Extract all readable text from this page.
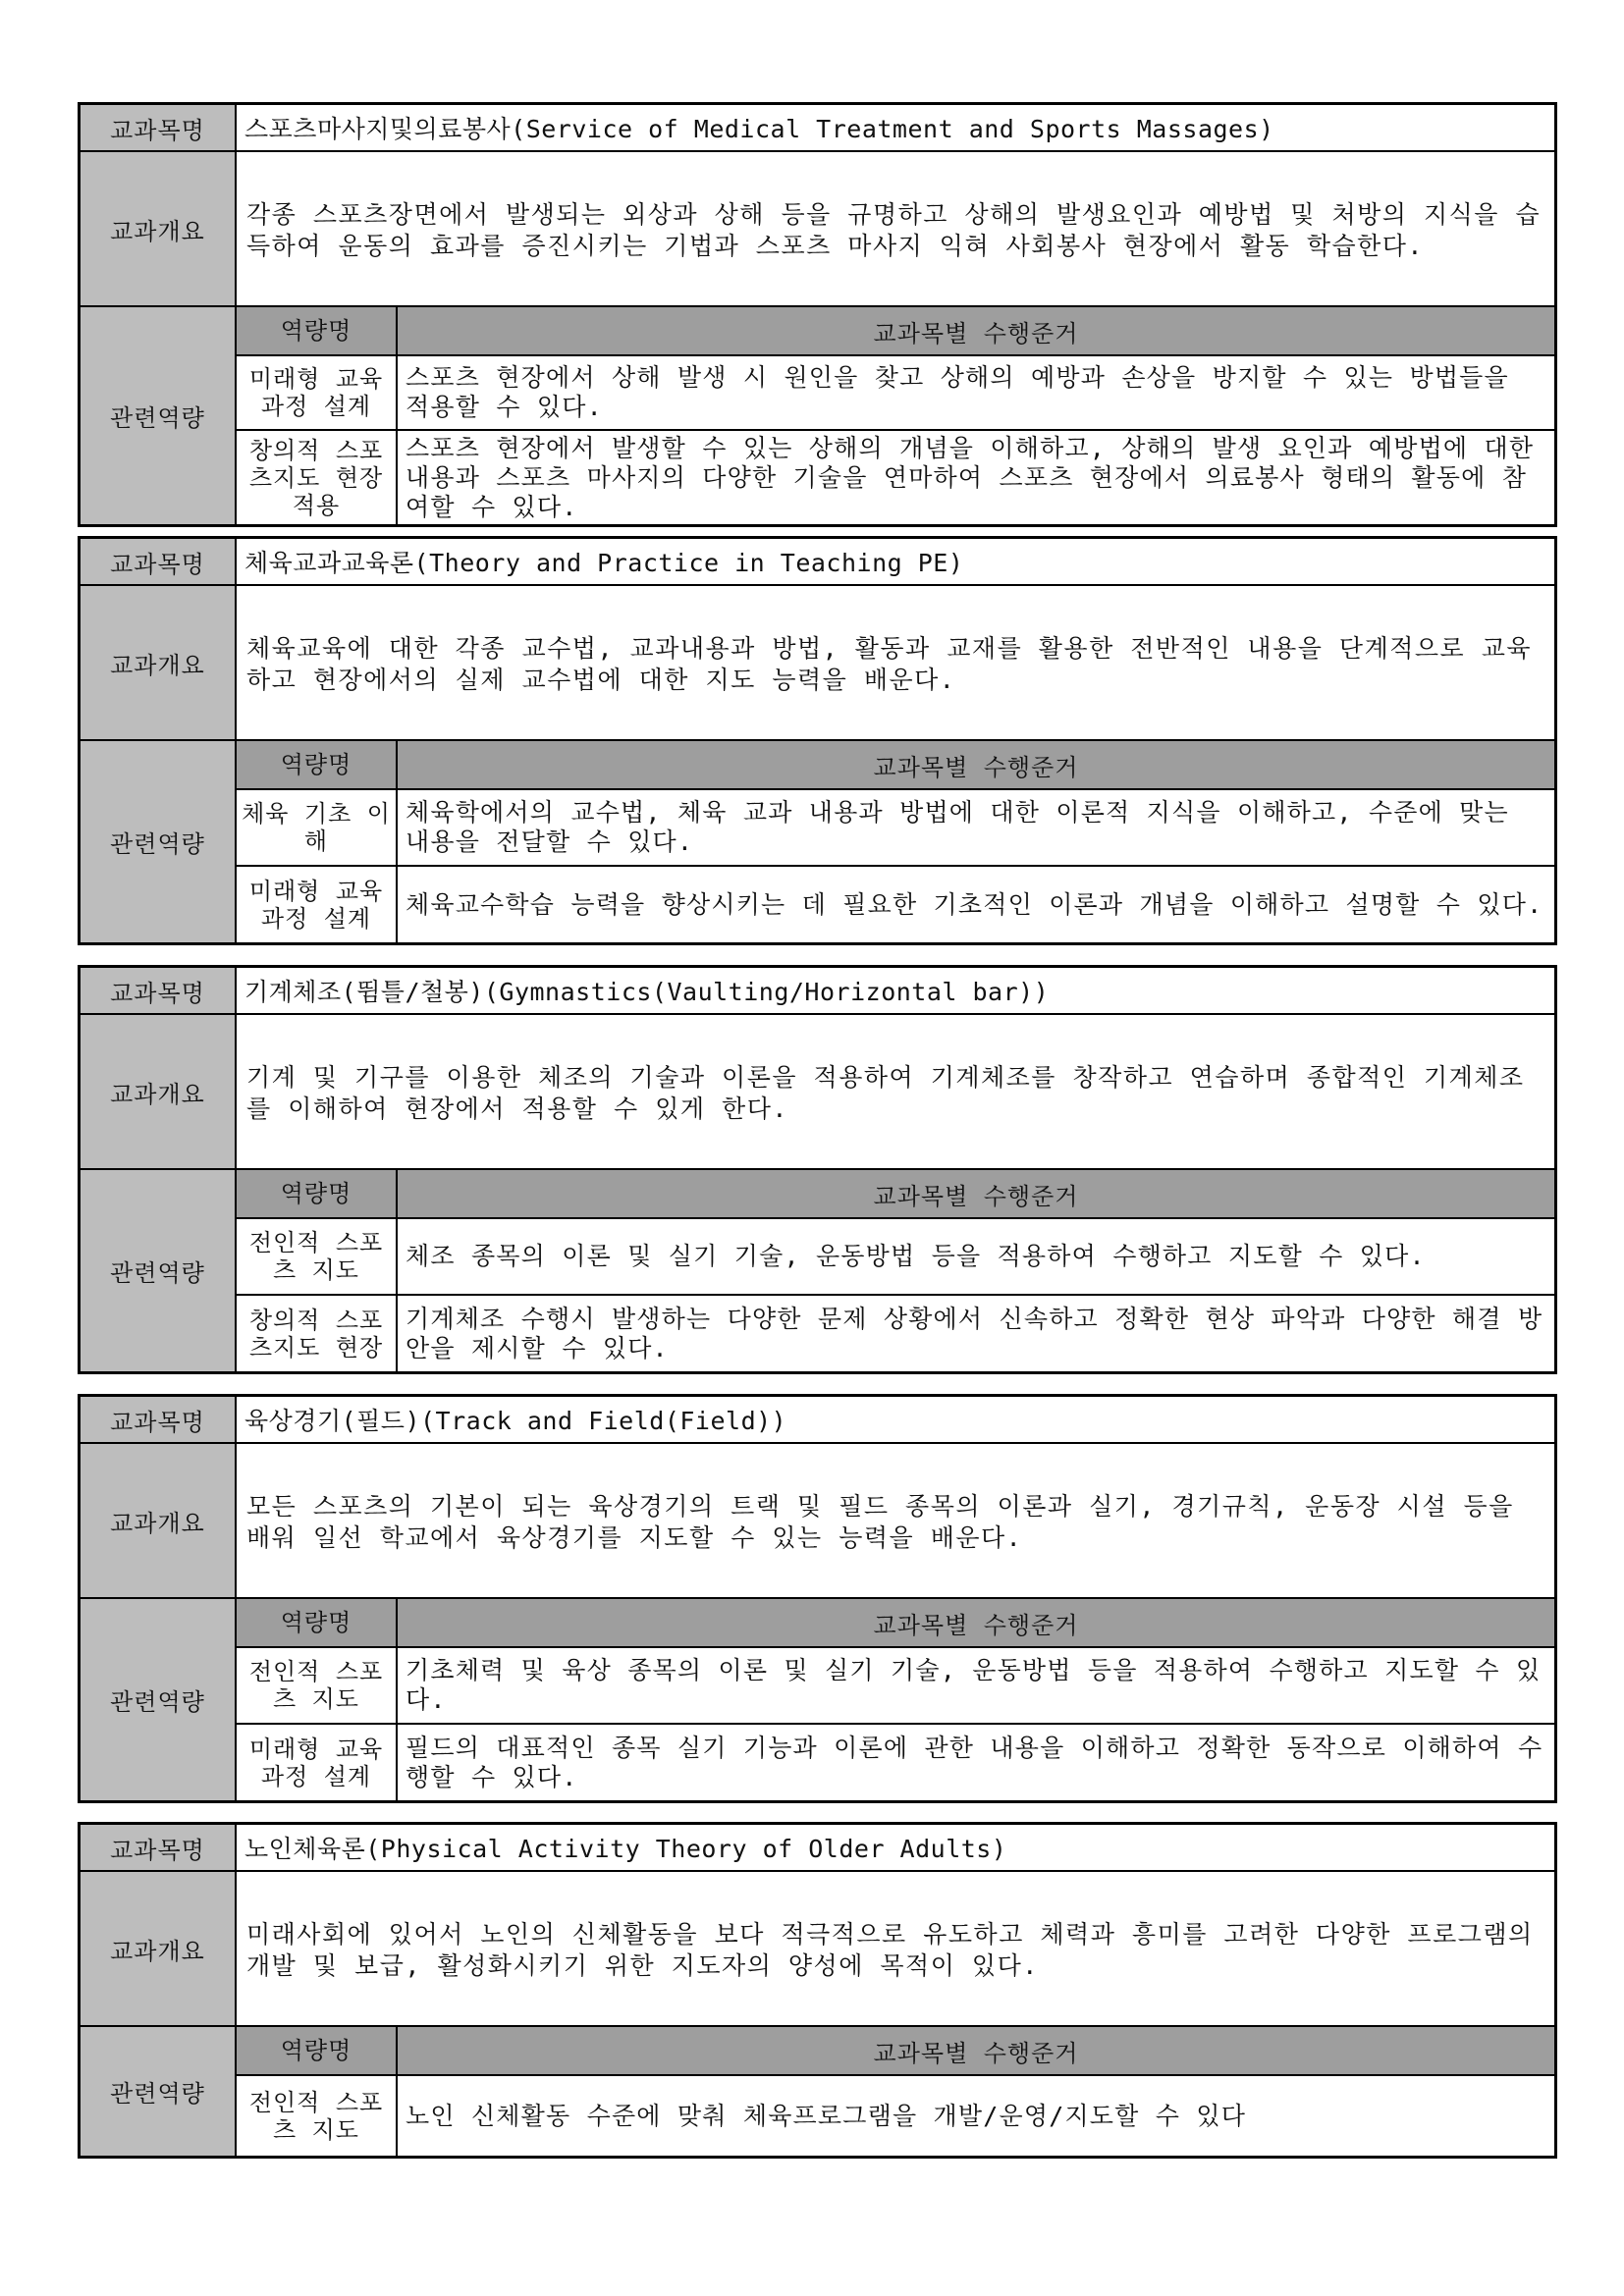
교과목명	스포츠마사지및의료봉사(Service of Medical Treatment and Sports Massages)
교과개요	각종 스포츠장면에서 발생되는 외상과 상해 등을 규명하고 상해의 발생요인과 예방법 및 처방의 지식을 습득하여 운동의 효과를 증진시키는 기법과 스포츠 마사지 익혀 사회봉사 현장에서 활동 학습한다.
관련역량	
역량명	교과목별 수행준거
미래형 교육과정 설계	스포츠 현장에서 상해 발생 시 원인을 찾고 상해의 예방과 손상을 방지할 수 있는 방법들을 적용할 수 있다.
창의적 스포츠지도 현장 적용	스포츠 현장에서 발생할 수 있는 상해의 개념을 이해하고, 상해의 발생 요인과 예방법에 대한 내용과 스포츠 마사지의 다양한 기술을 연마하여 스포츠 현장에서 의료봉사 형태의 활동에 참여할 수 있다.
교과목명	체육교과교육론(Theory and Practice in Teaching PE)
교과개요	체육교육에 대한 각종 교수법, 교과내용과 방법, 활동과 교재를 활용한 전반적인 내용을 단계적으로 교육하고 현장에서의 실제 교수법에 대한 지도 능력을 배운다.
관련역량	
역량명	교과목별 수행준거
체육 기초 이해	체육학에서의 교수법, 체육 교과 내용과 방법에 대한 이론적 지식을 이해하고, 수준에 맞는 내용을 전달할 수 있다.
미래형 교육과정 설계	체육교수학습 능력을 향상시키는 데 필요한 기초적인 이론과 개념을 이해하고 설명할 수 있다.
교과목명	기계체조(뜀틀/철봉)(Gymnastics(Vaulting/Horizontal bar))
교과개요	기계 및 기구를 이용한 체조의 기술과 이론을 적용하여 기계체조를 창작하고 연습하며 종합적인 기계체조를 이해하여 현장에서 적용할 수 있게 한다.
관련역량	
역량명	교과목별 수행준거
전인적 스포츠 지도	체조 종목의 이론 및 실기 기술, 운동방법 등을 적용하여 수행하고 지도할 수 있다.
창의적 스포츠지도 현장	기계체조 수행시 발생하는 다양한 문제 상황에서 신속하고 정확한 현상 파악과 다양한 해결 방안을 제시할 수 있다.
교과목명	육상경기(필드)(Track and Field(Field))
교과개요	모든 스포츠의 기본이 되는 육상경기의 트랙 및 필드 종목의 이론과 실기, 경기규칙, 운동장 시설 등을 배워 일선 학교에서 육상경기를 지도할 수 있는 능력을 배운다.
관련역량	
역량명	교과목별 수행준거
전인적 스포츠 지도	기초체력 및 육상 종목의 이론 및 실기 기술, 운동방법 등을 적용하여 수행하고 지도할 수 있다.
미래형 교육과정 설계	필드의 대표적인 종목 실기 기능과 이론에 관한 내용을 이해하고 정확한 동작으로 이해하여 수행할 수 있다.
교과목명	노인체육론(Physical Activity Theory of Older Adults)
교과개요	미래사회에 있어서 노인의 신체활동을 보다 적극적으로 유도하고 체력과 흥미를 고려한 다양한 프로그램의 개발 및 보급, 활성화시키기 위한 지도자의 양성에 목적이 있다.
관련역량	
역량명	교과목별 수행준거
전인적 스포츠 지도	노인 신체활동 수준에 맞춰 체육프로그램을 개발/운영/지도할 수 있다
